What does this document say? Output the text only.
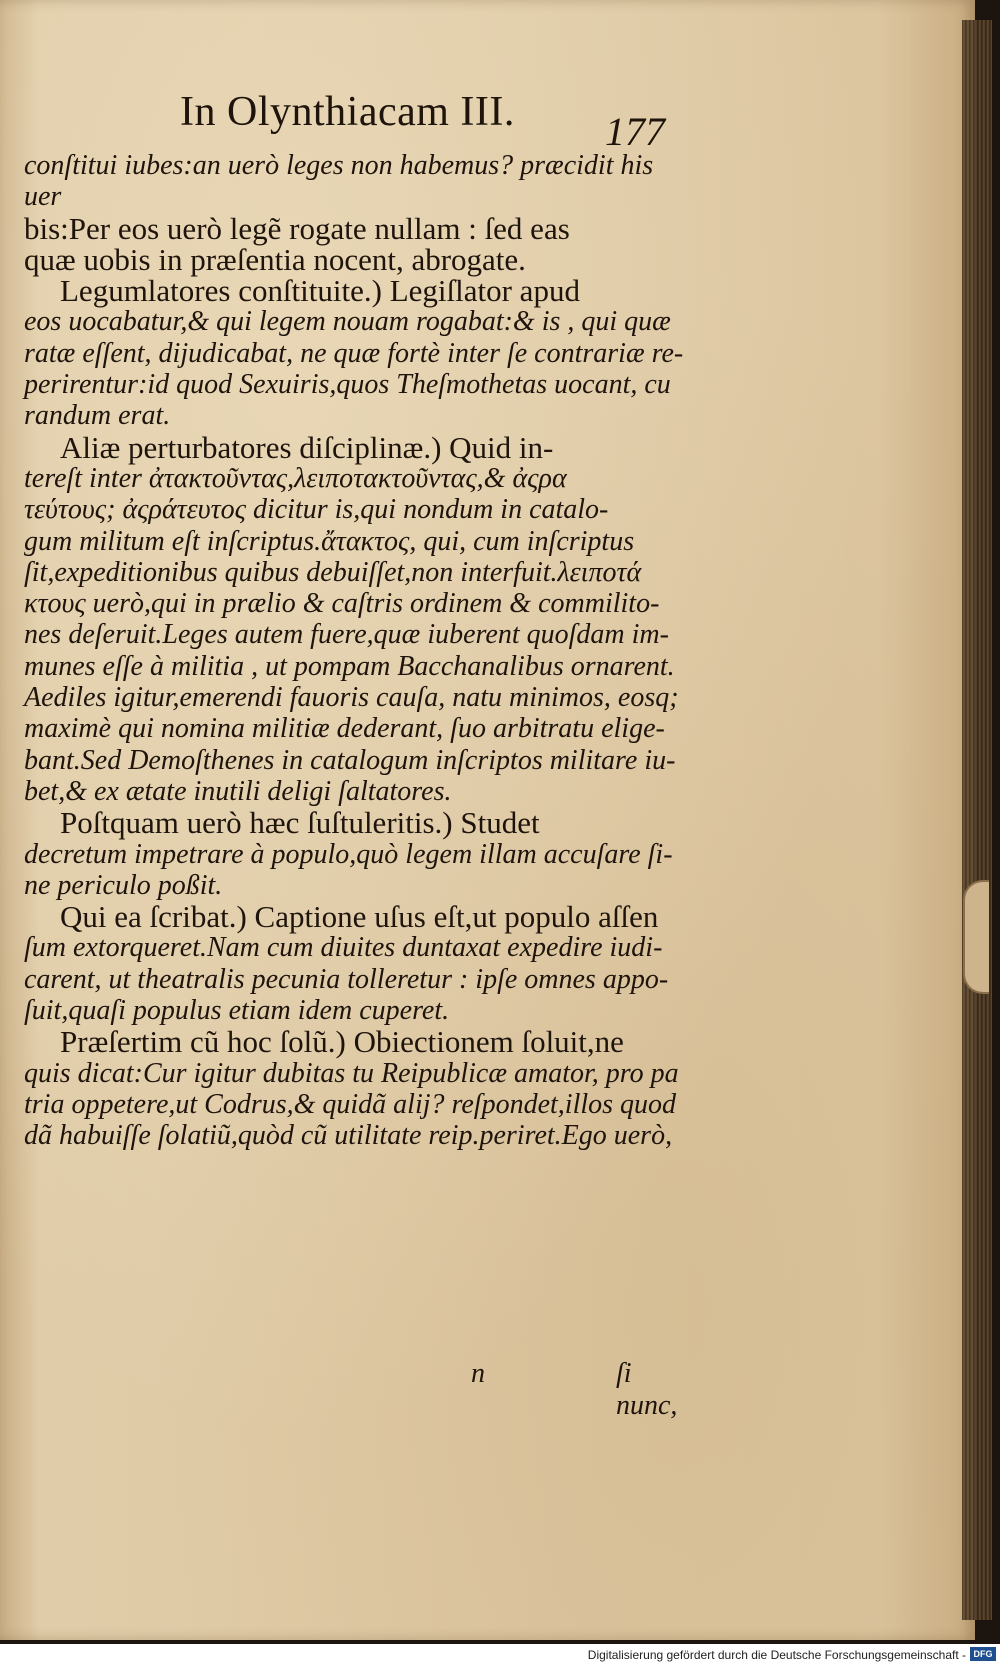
In Olynthiacam III.	177

conſtitui iubes:an uerò leges non habemus? præcidit his uer

bis:Per eos uerò legẽ rogate nullam : ſed eas

quæ uobis in præſentia nocent, abrogate.

Legumlatores conſtituite.) Legiſlator apud

eos uocabatur,& qui legem nouam rogabat:& is , qui quæ

ratæ eſſent, dijudicabat, ne quæ fortè inter ſe contrariæ re-

perirentur:id quod Sexuiris,quos Theſmothetas uocant, cu

randum erat.

Aliæ perturbatores diſciplinæ.) Quid in-

tereſt inter ἀτακτοῦντας,λειποτακτοῦντας,& ἀςρα

τεύτους; ἀςράτευτος dicitur is,qui nondum in catalo-

gum militum eſt inſcriptus.ἄτακτος, qui, cum inſcriptus

ſit,expeditionibus quibus debuiſſet,non interfuit.λειποτά

κτους uerò,qui in prælio & caſtris ordinem & commilito-

nes deſeruit.Leges autem fuere,quæ iuberent quoſdam im-

munes eſſe à militia , ut pompam Bacchanalibus ornarent.

Aediles igitur,emerendi fauoris cauſa, natu minimos, eosq;

maximè qui nomina militiæ dederant, ſuo arbitratu elige-

bant.Sed Demoſthenes in catalogum inſcriptos militare iu-

bet,& ex ætate inutili deligi ſaltatores.

Poſtquam uerò hæc ſuſtuleritis.) Studet

decretum impetrare à populo,quò legem illam accuſare ſi-

ne periculo poßit.

Qui ea ſcribat.) Captione uſus eſt,ut populo aſſen

ſum extorqueret.Nam cum diuites duntaxat expedire iudi-

carent, ut theatralis pecunia tolleretur : ipſe omnes appo-

ſuit,quaſi populus etiam idem cuperet.

Præſertim cũ hoc ſolũ.) Obiectionem ſoluit,ne

quis dicat:Cur igitur dubitas tu Reipublicæ amator, pro pa

tria oppetere,ut Codrus,& quidã alij? reſpondet,illos quod

dã habuiſſe ſolatiũ,quòd cũ utilitate reip.periret.Ego uerò,

n	ſi nunc,
Digitalisierung gefördert durch die Deutsche Forschungsgemeinschaft - DFG
